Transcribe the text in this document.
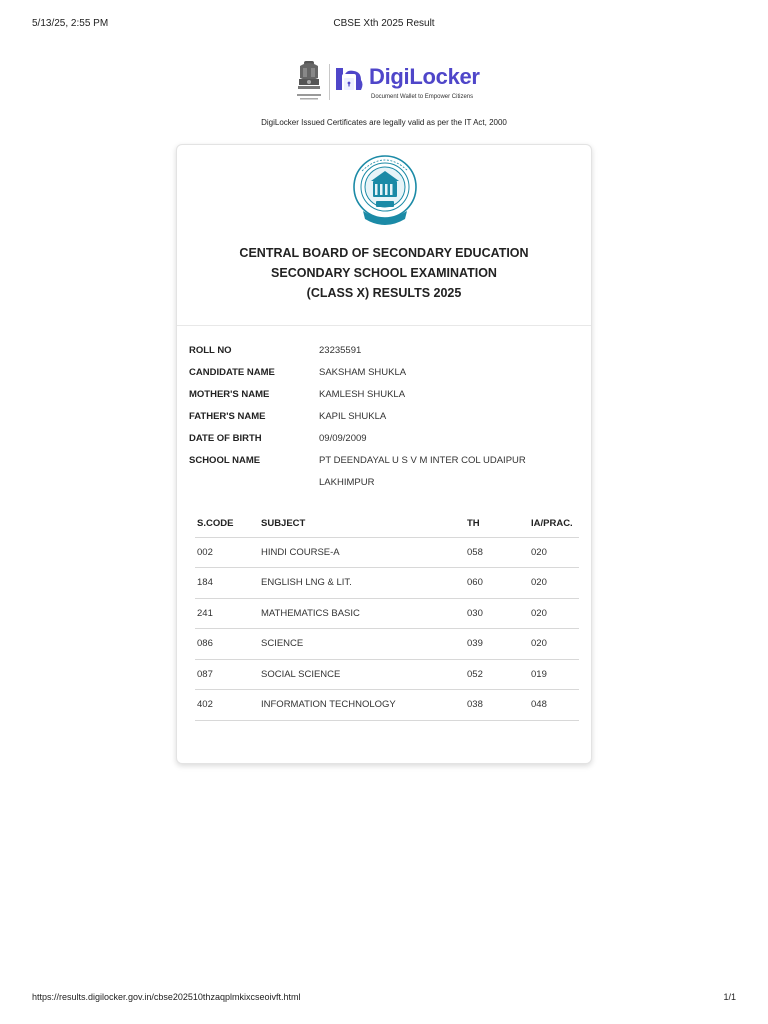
5/13/25, 2:55 PM	CBSE Xth 2025 Result
DigiLocker
Document Wallet to Empower Citizens
DigiLocker Issued Certificates are legally valid as per the IT Act, 2000
CENTRAL BOARD OF SECONDARY EDUCATION
SECONDARY SCHOOL EXAMINATION
(CLASS X) RESULTS 2025
ROLL NO	23235591
CANDIDATE NAME	SAKSHAM SHUKLA
MOTHER'S NAME	KAMLESH SHUKLA
FATHER'S NAME	KAPIL SHUKLA
DATE OF BIRTH	09/09/2009
SCHOOL NAME	PT DEENDAYAL U S V M INTER COL UDAIPUR LAKHIMPUR
S.CODE	SUBJECT	TH	IA/PRAC.
002	HINDI COURSE-A	058	020
184	ENGLISH LNG & LIT.	060	020
241	MATHEMATICS BASIC	030	020
086	SCIENCE	039	020
087	SOCIAL SCIENCE	052	019
402	INFORMATION TECHNOLOGY	038	048
https://results.digilocker.gov.in/cbse202510thzaqplmkixcseoivft.html	1/1
